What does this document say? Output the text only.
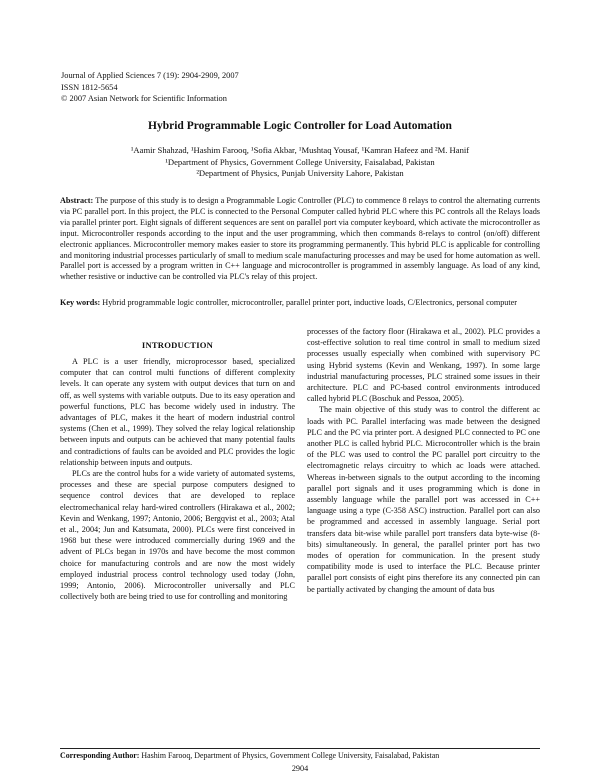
Journal of Applied Sciences 7 (19): 2904-2909, 2007
ISSN 1812-5654
© 2007 Asian Network for Scientific Information
Hybrid Programmable Logic Controller for Load Automation
¹Aamir Shahzad, ¹Hashim Farooq, ¹Sofia Akbar, ¹Mushtaq Yousaf, ¹Kamran Hafeez and ²M. Hanif
¹Department of Physics, Government College University, Faisalabad, Pakistan
²Department of Physics, Punjab University Lahore, Pakistan

Abstract: The purpose of this study is to design a Programmable Logic Controller (PLC) to commence 8 relays to control the alternating currents via PC parallel port. In this project, the PLC is connected to the Personal Computer called hybrid PLC where this PC controls all the Relays loads via parallel printer port. Eight signals of different sequences are sent on parallel port via computer keyboard, which activate the microcontroller as input. Microcontroller responds according to the input and the user programming, which then commands 8-relays to control (on/off) different electronic appliances. Microcontroller memory makes easier to store its programming permanently. This hybrid PLC is applicable for controlling and monitoring industrial processes particularly of small to medium scale manufacturing processes and may be used for home automation as well. Parallel port is accessed by a program written in C++ language and microcontroller is programmed in assembly language. As load of any kind, whether resistive or inductive can be controlled via PLC's relay of this project.

Key words: Hybrid programmable logic controller, microcontroller, parallel printer port, inductive loads, C/Electronics, personal computer

INTRODUCTION

A PLC is a user friendly, microprocessor based, specialized computer that can control multi functions of different complexity levels. It can operate any system with output devices that turn on and off, as well systems with variable outputs. Due to its easy operation and powerful functions, PLC has become widely used in industry. The advantages of PLC, makes it the heart of modern industrial control systems (Chen et al., 1999). They solved the relay logical relationship between inputs and outputs can be achieved that many potential faults and contradictions of faults can be avoided and PLC provides the logic relationship between inputs and outputs.

PLCs are the control hubs for a wide variety of automated systems, processes and these are special purpose computers designed to sequence control devices that are developed to replace electromechanical relay hard-wired controllers (Hirakawa et al., 2002; Kevin and Wenkang, 1997; Antonio, 2006; Bergqvist et al., 2003; Atal et al., 2004; Jun and Katsumata, 2000). PLCs were first conceived in 1968 but these were introduced commercially during 1969 and the advent of PLCs began in 1970s and have become the most common choice for manufacturing controls and are now the most widely employed industrial process control technology used today (John, 1999; Antonio, 2006). Microcontroller universally and PLC collectively both are being tried to use for controlling and monitoring

processes of the factory floor (Hirakawa et al., 2002). PLC provides a cost-effective solution to real time control in small to medium sized processes usually especially when combined with supervisory PC using Hybrid systems (Kevin and Wenkang, 1997). In some large industrial manufacturing processes, PLC strained some issues in their architecture. PLC and PC-based control environments introduced called hybrid PLC (Boschuk and Pessoa, 2005).

The main objective of this study was to control the different ac loads with PC. Parallel interfacing was made between the designed PLC and the PC via printer port. A designed PLC connected to PC one another PLC is called hybrid PLC. Microcontroller which is the brain of the PLC was used to control the PC parallel port circuitry to the electromagnetic relays circuitry to which ac loads were attached. Whereas in-between signals to the output according to the incoming parallel port signals and it uses programming which is done in assembly language while the parallel port was accessed in C++ language using a type (C-358 ASC) instruction. Parallel port can also be programmed and accessed in assembly language. Serial port transfers data bit-wise while parallel port transfers data byte-wise (8-bits) simultaneously. In general, the parallel printer port has two modes of operation for communication. In the present study compatibility mode is used to interface the PLC. Because printer parallel port consists of eight pins therefore its any connected pin can be partially activated by changing the amount of data bus

Corresponding Author: Hashim Farooq, Department of Physics, Government College University, Faisalabad, Pakistan
2904
